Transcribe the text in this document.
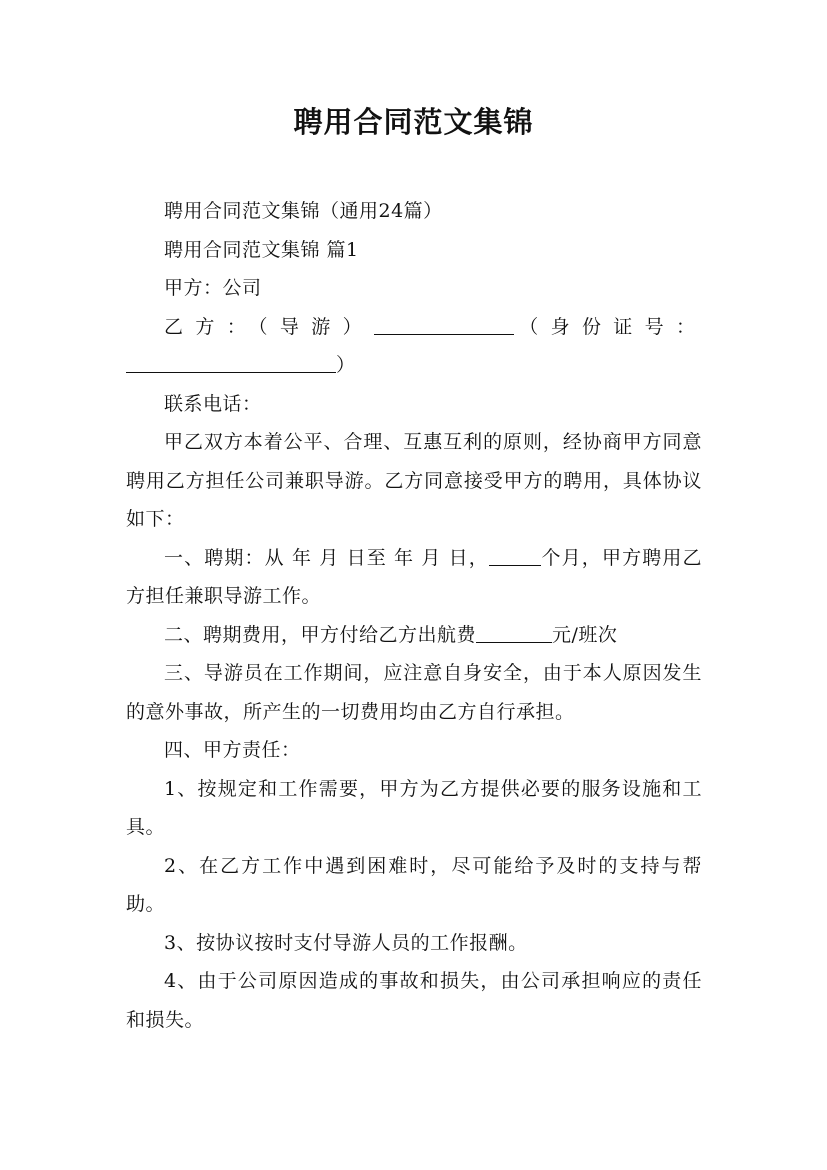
聘用合同范文集锦

聘用合同范文集锦（通用24篇）

聘用合同范文集锦 篇1

甲方：公司

乙方：（导游）	（身份证号：）

联系电话：

甲乙双方本着公平、合理、互惠互利的原则，经协商甲方同意聘用乙方担任公司兼职导游。乙方同意接受甲方的聘用，具体协议如下：

一、聘期：从 年 月 日至 年 月 日，	个月，甲方聘用乙方担任兼职导游工作。

二、聘期费用，甲方付给乙方出航费	元/班次

三、导游员在工作期间，应注意自身安全，由于本人原因发生的意外事故，所产生的一切费用均由乙方自行承担。

四、甲方责任：

1、按规定和工作需要，甲方为乙方提供必要的服务设施和工具。

2、在乙方工作中遇到困难时，尽可能给予及时的支持与帮助。

3、按协议按时支付导游人员的工作报酬。

4、由于公司原因造成的事故和损失，由公司承担响应的责任和损失。
